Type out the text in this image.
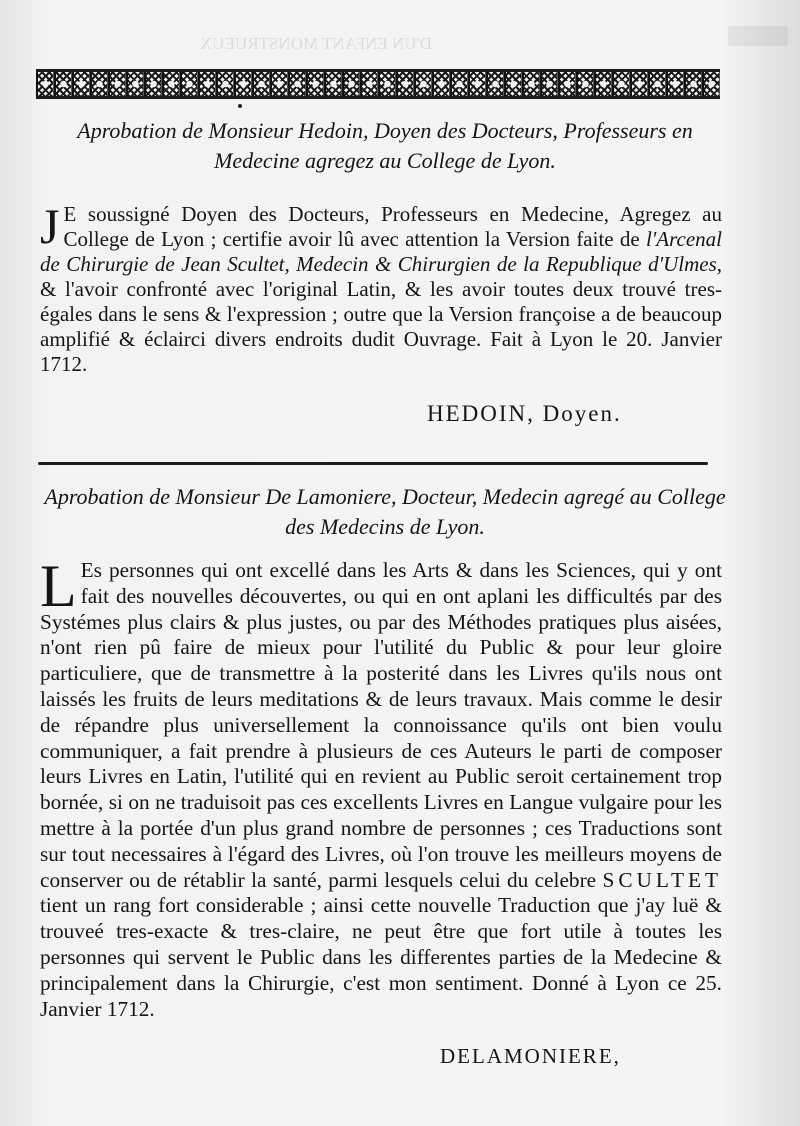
D'UN ENFANT MONSTRUEUX
Aprobation de Monsieur Hedoin, Doyen des Docteurs, Professeurs en Medecine agregez au College de Lyon.
J E soussigné Doyen des Docteurs, Professeurs en Medecine, Agregez au College de Lyon ; certifie avoir lû avec attention la Version faite de l'Arcenal de Chirurgie de Jean Scultet, Medecin & Chirurgien de la Republique d'Ulmes, & l'avoir confronté avec l'original Latin, & les avoir toutes deux trouvé tres-égales dans le sens & l'expression ; outre que la Version françoise a de beaucoup amplifié & éclairci divers endroits dudit Ouvrage. Fait à Lyon le 20. Janvier 1712.
HEDOIN, Doyen.
Aprobation de Monsieur De Lamoniere, Docteur, Medecin agregé au College des Medecins de Lyon.
L Es personnes qui ont excellé dans les Arts & dans les Sciences, qui y ont fait des nouvelles découvertes, ou qui en ont aplani les difficultés par des Systémes plus clairs & plus justes, ou par des Méthodes pratiques plus aisées, n'ont rien pû faire de mieux pour l'utilité du Public & pour leur gloire particuliere, que de transmettre à la posterité dans les Livres qu'ils nous ont laissés les fruits de leurs meditations & de leurs travaux. Mais comme le desir de répandre plus universellement la connoissance qu'ils ont bien voulu communiquer, a fait prendre à plusieurs de ces Auteurs le parti de composer leurs Livres en Latin, l'utilité qui en revient au Public seroit certainement trop bornée, si on ne traduisoit pas ces excellents Livres en Langue vulgaire pour les mettre à la portée d'un plus grand nombre de personnes ; ces Traductions sont sur tout necessaires à l'égard des Livres, où l'on trouve les meilleurs moyens de conserver ou de rétablir la santé, parmi lesquels celui du celebre SCULTET tient un rang fort considerable ; ainsi cette nouvelle Traduction que j'ay luë & trouveé tres-exacte & tres-claire, ne peut être que fort utile à toutes les personnes qui servent le Public dans les differentes parties de la Medecine & principalement dans la Chirurgie, c'est mon sentiment. Donné à Lyon ce 25. Janvier 1712.
DELAMONIERE,
